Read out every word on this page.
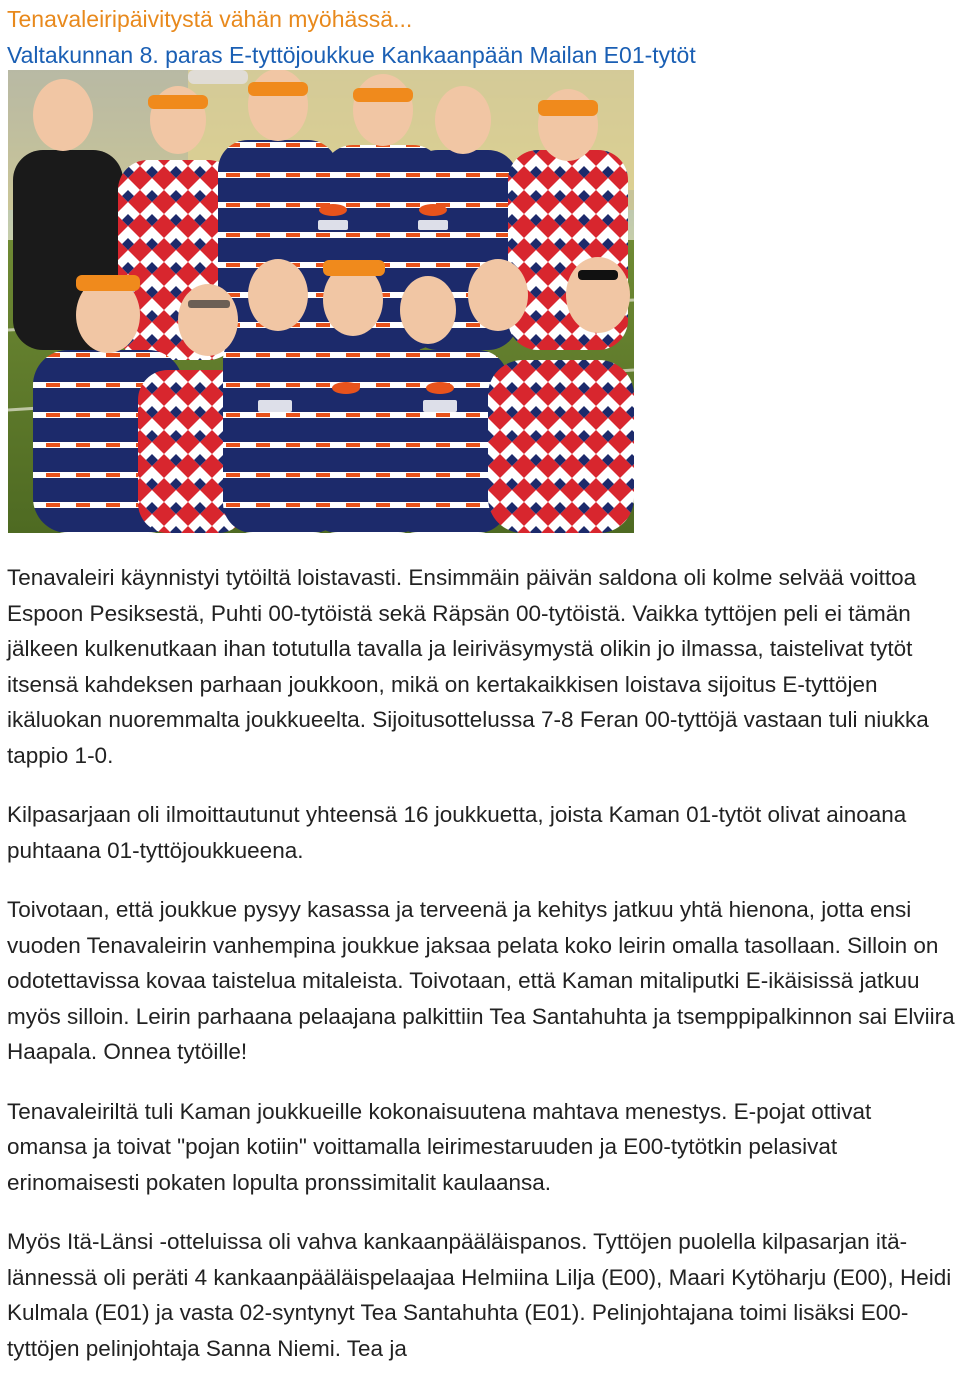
Tenavaleiripäivitystä vähän myöhässä...
Valtakunnan 8. paras E-tyttöjoukkue Kankaanpään Mailan E01-tytöt

Tenavaleiri käynnistyi tytöiltä loistavasti. Ensimmäin päivän saldona oli kolme selvää voittoa Espoon Pesiksestä, Puhti 00-tytöistä sekä Räpsän 00-tytöistä. Vaikka tyttöjen peli ei tämän jälkeen kulkenutkaan ihan totutulla tavalla ja leiriväsymystä olikin jo ilmassa, taistelivat tytöt itsensä kahdeksen parhaan joukkoon, mikä on kertakaikkisen loistava sijoitus E-tyttöjen ikäluokan nuoremmalta joukkueelta. Sijoitusottelussa 7-8 Feran 00-tyttöjä vastaan tuli niukka tappio 1-0.

Kilpasarjaan oli ilmoittautunut yhteensä 16 joukkuetta, joista Kaman 01-tytöt olivat ainoana puhtaana 01-tyttöjoukkueena.

Toivotaan, että joukkue pysyy kasassa ja terveenä ja kehitys jatkuu yhtä hienona, jotta ensi vuoden Tenavaleirin vanhempina joukkue jaksaa pelata koko leirin omalla tasollaan. Silloin on odotettavissa kovaa taistelua mitaleista. Toivotaan, että Kaman mitaliputki E-ikäisissä jatkuu myös silloin. Leirin parhaana pelaajana palkittiin Tea Santahuhta ja tsemppipalkinnon sai Elviira Haapala. Onnea tytöille!

Tenavaleiriltä tuli Kaman joukkueille kokonaisuutena mahtava menestys. E-pojat ottivat omansa ja toivat "pojan kotiin" voittamalla leirimestaruuden ja E00-tytötkin pelasivat erinomaisesti pokaten lopulta pronssimitalit kaulaansa.

Myös Itä-Länsi -otteluissa oli vahva kankaanpääläispanos. Tyttöjen puolella kilpasarjan itä-lännessä oli peräti 4 kankaanpääläispelaajaa Helmiina Lilja (E00), Maari Kytöharju (E00), Heidi Kulmala (E01) ja vasta 02-syntynyt Tea Santahuhta (E01). Pelinjohtajana toimi lisäksi E00-tyttöjen pelinjohtaja Sanna Niemi. Tea ja
